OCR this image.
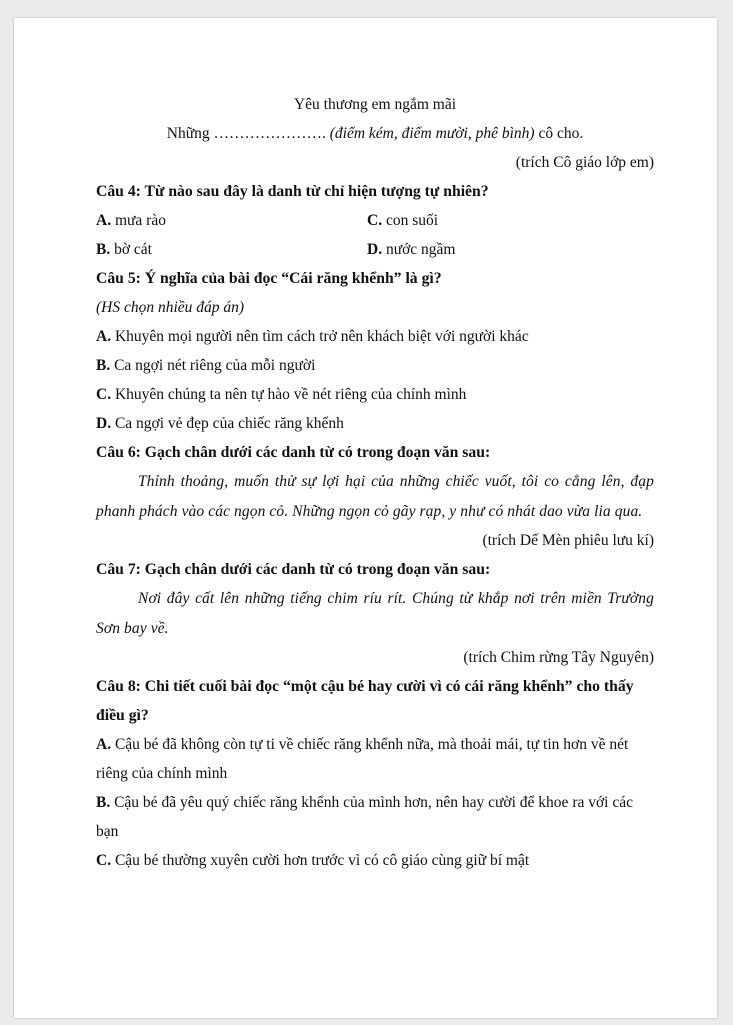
Yêu thương em ngắm mãi
Những …………………. (điểm kém, điểm mười, phê bình) cô cho.
(trích Cô giáo lớp em)
Câu 4: Từ nào sau đây là danh từ chỉ hiện tượng tự nhiên?
A. mưa rào	C. con suối
B. bờ cát	D. nước ngầm
Câu 5: Ý nghĩa của bài đọc “Cái răng khểnh” là gì?
(HS chọn nhiều đáp án)
A. Khuyên mọi người nên tìm cách trở nên khách biệt với người khác
B. Ca ngợi nét riêng của mỗi người
C. Khuyên chúng ta nên tự hào về nét riêng của chính mình
D. Ca ngợi vẻ đẹp của chiếc răng khểnh
Câu 6: Gạch chân dưới các danh từ có trong đoạn văn sau:
Thỉnh thoảng, muốn thử sự lợi hại của những chiếc vuốt, tôi co cẳng lên, đạp phanh phách vào các ngọn cỏ. Những ngọn cỏ gãy rạp, y như có nhát dao vừa lia qua.
(trích Dế Mèn phiêu lưu kí)
Câu 7: Gạch chân dưới các danh từ có trong đoạn văn sau:
Nơi đây cất lên những tiếng chim ríu rít. Chúng từ khắp nơi trên miền Trường Sơn bay về.
(trích Chim rừng Tây Nguyên)
Câu 8: Chi tiết cuối bài đọc “một cậu bé hay cười vì có cái răng khểnh” cho thấy điều gì?
A. Cậu bé đã không còn tự ti về chiếc răng khểnh nữa, mà thoải mái, tự tin hơn về nét riêng của chính mình
B. Cậu bé đã yêu quý chiếc răng khểnh của mình hơn, nên hay cười để khoe ra với các bạn
C. Cậu bé thường xuyên cười hơn trước vì có cô giáo cùng giữ bí mật
